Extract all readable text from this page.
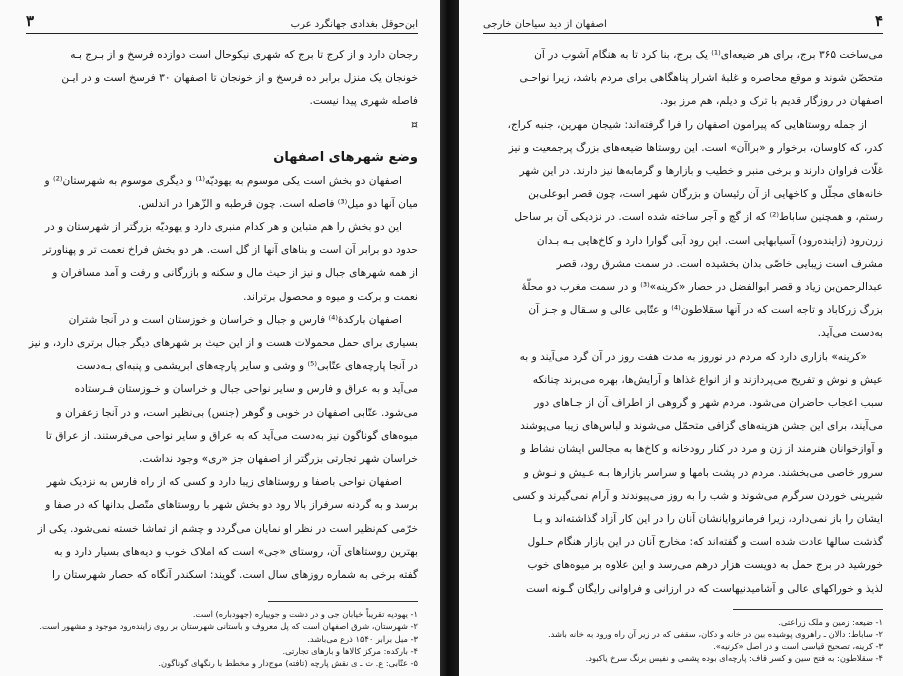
ابن‌حوقل بغدادی جهانگرد عرب
۳

رجحان دارد و از کرج تا برج که شهری نیکوحال است دوازده فرسخ و از بـرج بـه

خونجان یک منزل برابر ده فرسخ و از خونجان تا اصفهان ۳۰ فرسخ است و در ایـن

فاصله شهری پیدا نیست.

¤

وضع شهرهای اصفهان

اصفهان دو بخش است یکی موسوم به یهودیّه⁽¹⁾ و دیگری موسوم به شهرستان⁽²⁾ و

میان آنها دو میل⁽³⁾ فاصله است. چون قرطبه و الزّهرا در اندلس.

این دو بخش را هم متباین و هر کدام منبری دارد و یهودیّه بزرگتر از شهرستان و در

حدود دو برابر آن است و بناهای آنها از گل است. هر دو بخش فراخ نعمت تر و پهناورتر

از همه شهرهای جبال و نیز از حیث مال و سکنه و بازرگانی و رفت و آمد مسافران و

نعمت و برکت و میوه و محصول برتراند.

اصفهان بارکدهٔ⁽⁴⁾ فارس و جبال و خراسان و خوزستان است و در آنجا شتران

بسیاری برای حمل محمولات هست و از این حیث بر شهرهای دیگر جبال برتری دارد، و نیز

در آنجا پارچه‌های عتّابی⁽⁵⁾ و وشی و سایر پارچه‌های ابریشمی و پنبه‌ای بـه‌دست

می‌آید و به عراق و فارس و سایر نواحی جبال و خراسان و خـوزستان فـرستاده

می‌شود. عتّابی اصفهان در خوبی و گوهر (جنس) بی‌نظیر است، و در آنجا زعفران و

میوه‌های گوناگون نیز به‌دست می‌آید که به عراق و سایر نواحی می‌فرستند. از عراق تا

خراسان شهر تجارتی بزرگتر از اصفهان جز «ری» وجود نداشت.

اصفهان نواحی باصفا و روستاهای زیبا دارد و کسی که از راه فارس به نزدیک شهر

برسد و به گردنه سرفراز بالا رود دو بخش شهر با روستاهای متّصل بدانها که در صفا و

خرّمی کم‌نظیر است در نظر او نمایان می‌گردد و چشم از تماشا خسته نمی‌شود. یکی از

بهترین روستاهای آن، روستای «جی» است که املاک خوب و دیه‌های بسیار دارد و به

گفته برخی به شماره روزهای سال است. گویند: اسکندر آنگاه که حصار شهرستان را

۱- یهودیه تقریباً خیابان جی و در دشت و جوییاره (جهودباره) است.
۲- شهرستان، شرق اصفهان است که پل معروف و باستانی شهرستان بر روی زاینده‌رود موجود و مشهور است.
۳- میل برابر ۱۵۴۰ ذرع می‌باشد.
۴- بارکده: مرکز کالاها و بارهای تجارتی.
۵- عتّابی: ع. ت ـ ی نقش پارچه (تافته) موج‌دار و مخطط با رنگهای گوناگون.
۴
اصفهان از دید سیاحان خارجی

می‌ساخت ۳۶۵ برج، برای هر ضیعه‌ای⁽¹⁾ یک برج، بنا کرد تا به هنگام آشوب در آن

متحصّن شوند و موقع محاصره و غلبهٔ اشرار پناهگاهی برای مردم باشد، زیرا نواحـی

اصفهان در روزگار قدیم با ترک و دیلم، هم مرز بود.

از جمله روستاهایی که پیرامون اصفهان را فرا گرفته‌اند: شیجان مهرین، جنبه کراج،

کدر، که کاوسان، برخوار و «براآن» است. این روستاها ضیعه‌های بزرگ پرجمعیت و نیز

غلّات فراوان دارند و برخی منبر و خطیب و بازارها و گرمابه‌ها نیز دارند. در این شهر

خانه‌های مجلّل و کاخهایی از آن رئیسان و بزرگان شهر است، چون قصر ابوعلی‌بن

رستم، و همچنین ساباط⁽²⁾ که از گچ و آجر ساخته شده است. در نزدیکی آن بر ساحل

زرن‌رود (زاینده‌رود) آسیابهایی است. این رود آبی گوارا دارد و کاخ‌هایی بـه بـدان

مشرف است زیبایی خاصّی بدان بخشیده است. در سمت مشرق رود، قصر

عبدالرحمن‌بن زیاد و قصر ابوالفضل در حصار «کرینه»⁽³⁾ و در سمت مغرب دو محلّهٔ

بزرگ زرکاباد و تاجه است که در آنها سقلاطون⁽⁴⁾ و عتّابی عالی و سـقال و جـز آن

به‌دست می‌آید.

«کرینه» بازاری دارد که مردم در نوروز به مدت هفت روز در آن گرد می‌آیند و به

عیش و نوش و تفریح می‌پردازند و از انواع غذاها و آرایش‌ها، بهره می‌برند چنانکه

سبب اعجاب حاضران می‌شود. مردم شهر و گروهی از اطراف آن از جـاهای دور

می‌آیند، برای این جشن هزینه‌های گزافی متحمّل می‌شوند و لباس‌های زیبا می‌پوشند

و آوازخوانان هنرمند از زن و مرد در کنار رودخانه و کاخ‌ها به مجالس ایشان نشاط و

سرور خاصی می‌بخشند. مردم در پشت بامها و سراسر بازارها بـه عـیش و نـوش و

شیرینی خوردن سرگرم می‌شوند و شب را به روز می‌پیوندند و آرام نمی‌گیرند و کسی

ایشان را باز نمی‌دارد، زیرا فرمانروایانشان آنان را در این کار آزاد گذاشته‌اند و بـا

گذشت سالها عادت شده است و گفته‌اند که: مخارج آنان در این بازار هنگام حـلول

خورشید در برج حمل به دویست هزار درهم می‌رسد و این علاوه بر میوه‌های خوب

لذیذ و خوراکهای عالی و آشامیدنیهاست که در ارزانی و فراوانی رایگان گـونه است

۱- ضیعه: زمین و ملک زراعتی.
۲- ساباط: دالان ـ راهروی پوشیده بین در خانه و دکان، سقفی که در زیر آن راه ورود به خانه باشد.
۳- کرینه، تصحیح قیاسی است و در اصل «کرنیه».
۴- سقلاطون: به فتح سین و کسر قاف: پارچه‌ای بوده پشمی و نفیس برنگ سرخ یاکبود.
